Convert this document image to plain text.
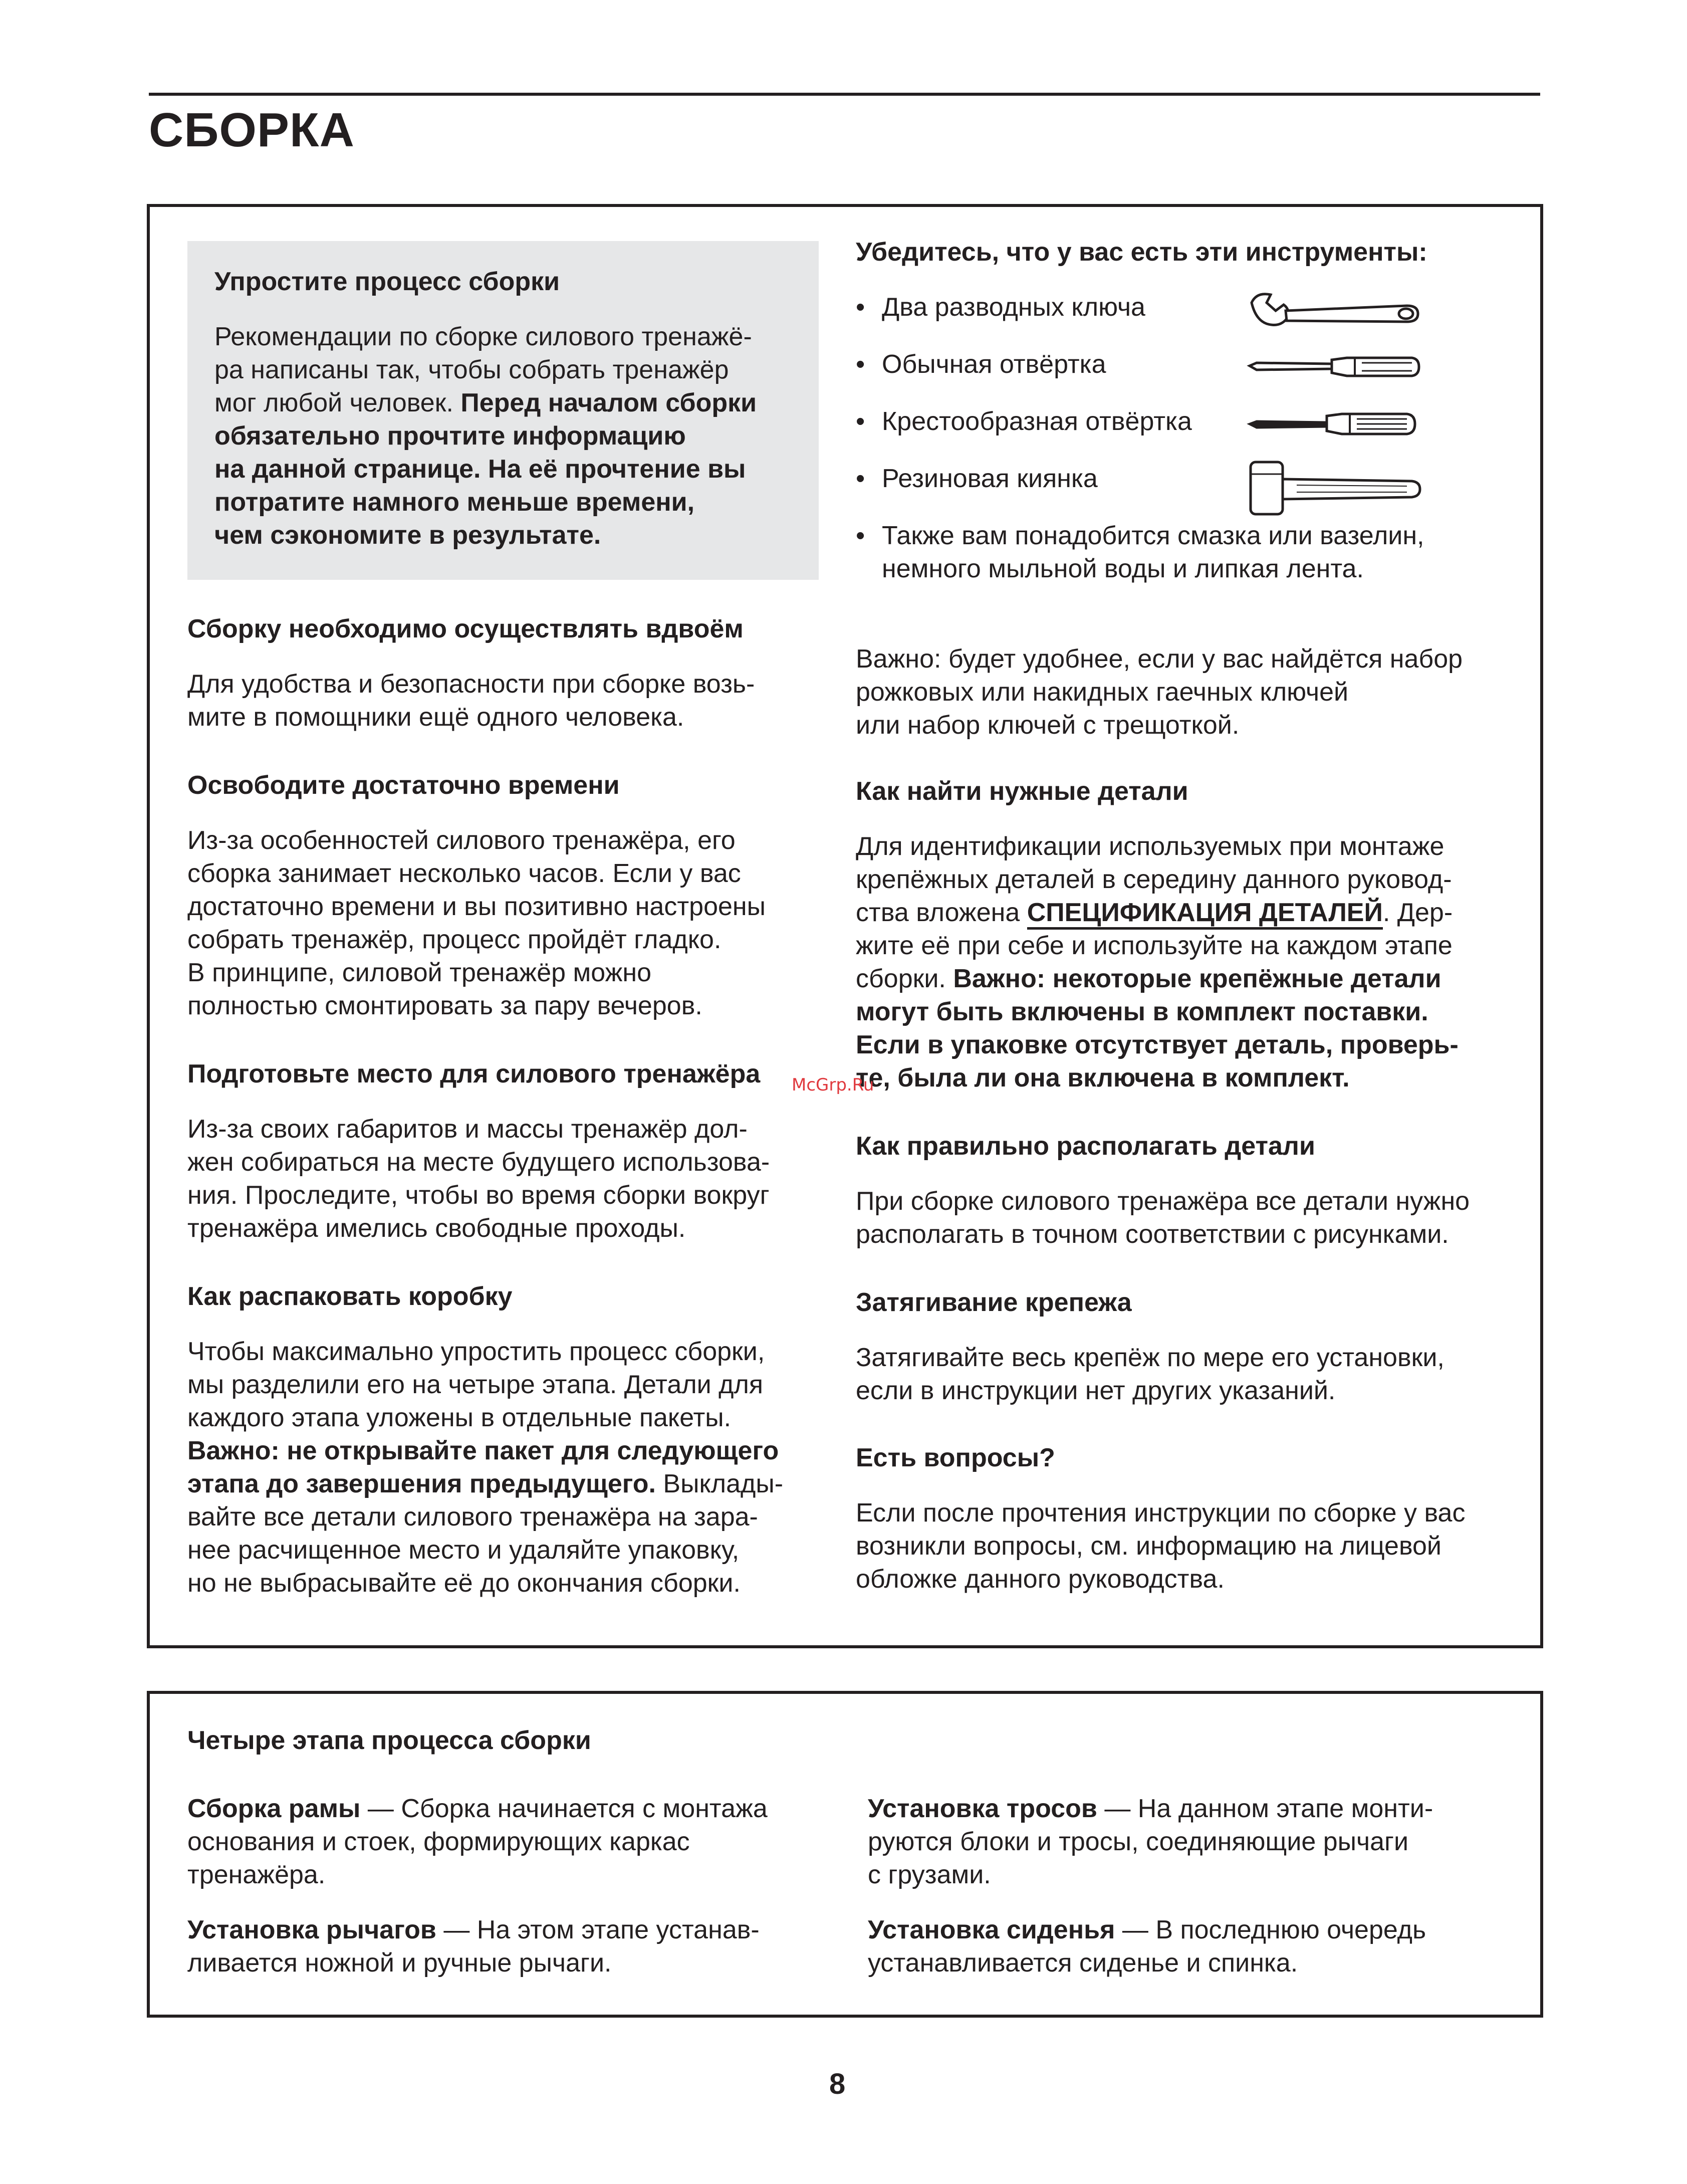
СБОРКА

Упростите процесс сборки

Рекомендации по сборке силового тренажё-

ра написаны так, чтобы собрать тренажёр

мог любой человек. Перед началом сборки

обязательно прочтите информацию

на данной странице. На её прочтение вы

потратите намного меньше времени,

чем сэкономите в результате.

Сборку необходимо осуществлять вдвоём

Для удобства и безопасности при сборке возь-

мите в помощники ещё одного человека.

Освободите достаточно времени

Из-за особенностей силового тренажёра, его

сборка занимает несколько часов. Если у вас

достаточно времени и вы позитивно настроены

собрать тренажёр, процесс пройдёт гладко.

В принципе, силовой тренажёр можно

полностью смонтировать за пару вечеров.

Подготовьте место для силового тренажёра

Из-за своих габаритов и массы тренажёр дол-

жен собираться на месте будущего использова-

ния. Проследите, чтобы во время сборки вокруг

тренажёра имелись свободные проходы.

Как распаковать коробку

Чтобы максимально упростить процесс сборки,

мы разделили его на четыре этапа. Детали для

каждого этапа уложены в отдельные пакеты.

Важно: не открывайте пакет для следующего

этапа до завершения предыдущего. Выклады-

вайте все детали силового тренажёра на зара-

нее расчищенное место и удаляйте упаковку,

но не выбрасывайте её до окончания сборки.

Убедитесь, что у вас есть эти инструменты:

• Два разводных ключа
• Обычная отвёртка
• Крестообразная отвёртка
• Резиновая киянка
• Также вам понадобится смазка или вазелин,

немного мыльной воды и липкая лента.

Важно: будет удобнее, если у вас найдётся набор

рожковых или накидных гаечных ключей

или набор ключей с трещоткой.

Как найти нужные детали

Для идентификации используемых при монтаже

крепёжных деталей в середину данного руковод-

ства вложена СПЕЦИФИКАЦИЯ ДЕТАЛЕЙ. Дер-

жите её при себе и используйте на каждом этапе

сборки. Важно: некоторые крепёжные детали

могут быть включены в комплект поставки.

Если в упаковке отсутствует деталь, проверь-

те, была ли она включена в комплект.

Как правильно располагать детали

При сборке силового тренажёра все детали нужно

располагать в точном соответствии с рисунками.

Затягивание крепежа

Затягивайте весь крепёж по мере его установки,

если в инструкции нет других указаний.

Есть вопросы?

Если после прочтения инструкции по сборке у вас

возникли вопросы, см. информацию на лицевой

обложке данного руководства.

McGrp.Ru

Четыре этапа процесса сборки

Сборка рамы — Сборка начинается с монтажа

основания и стоек, формирующих каркас

тренажёра.

Установка рычагов — На этом этапе устанав-

ливается ножной и ручные рычаги.

Установка тросов — На данном этапе монти-

руются блоки и тросы, соединяющие рычаги

с грузами.

Установка сиденья — В последнюю очередь

устанавливается сиденье и спинка.

8
